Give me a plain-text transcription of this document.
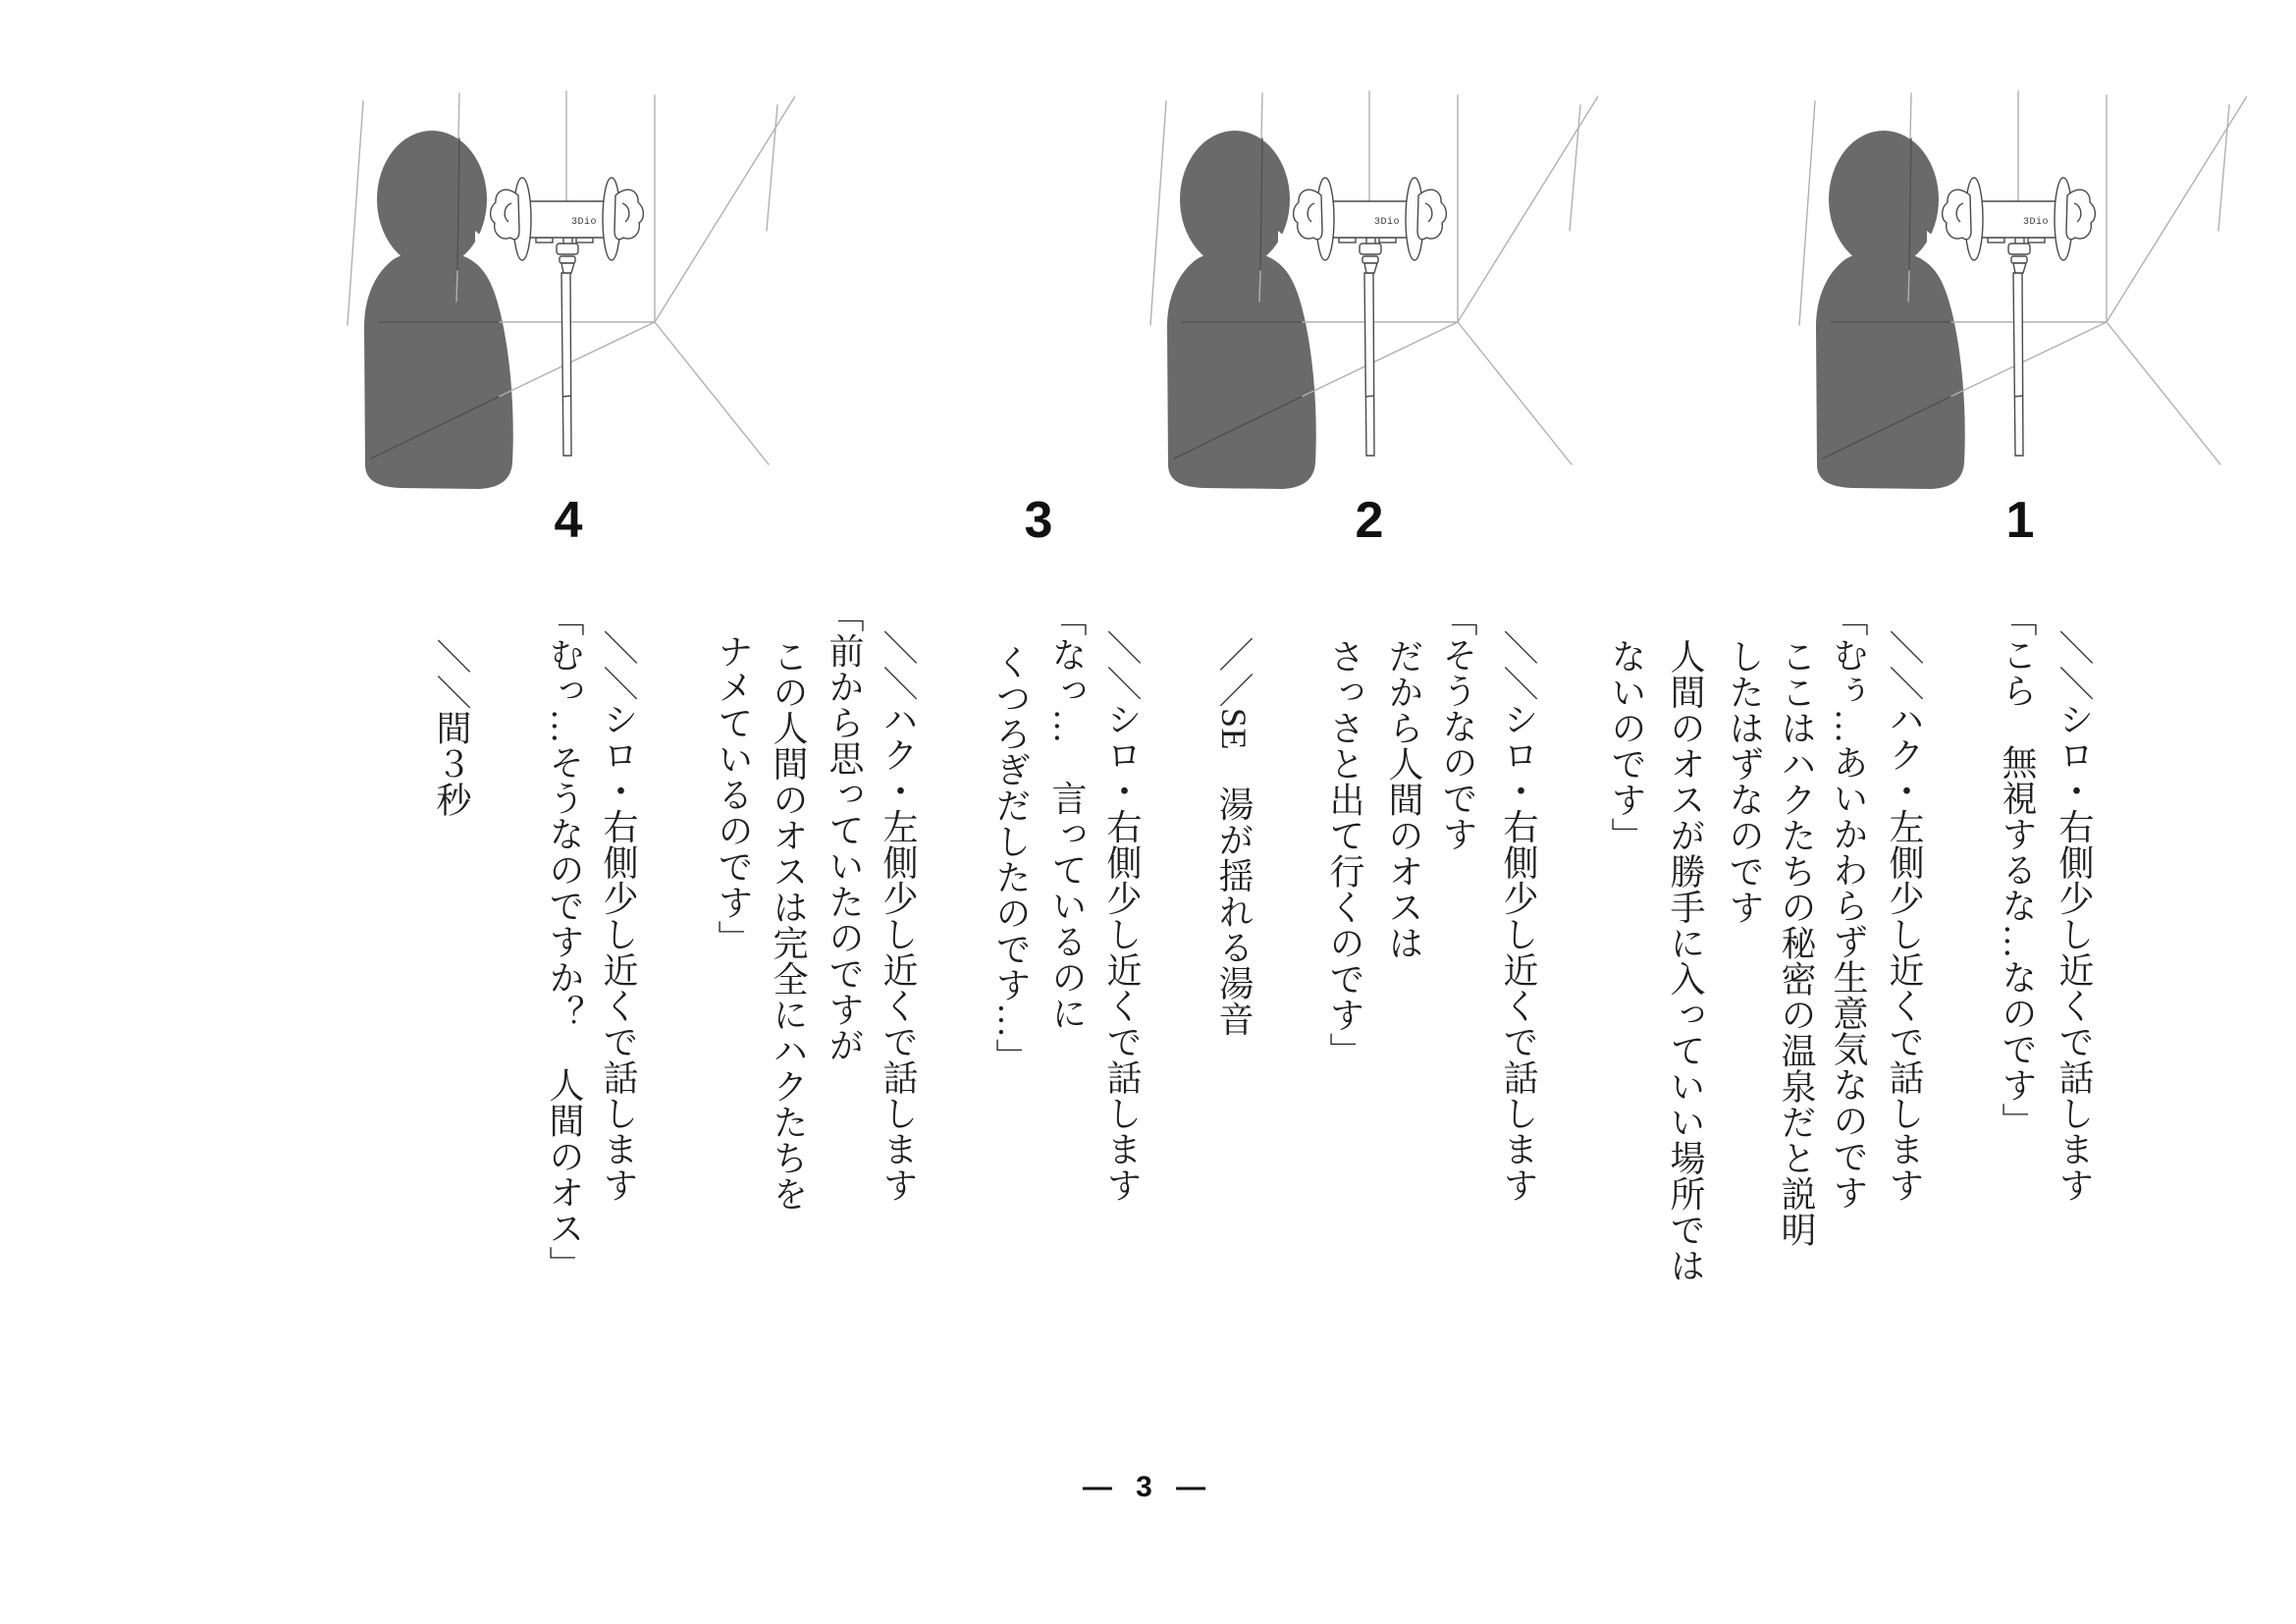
1
2
3
4
＼＼シロ・右側少し近くで話します
「こら　無視するな…なのです」
＼＼ハク・左側少し近くで話します
「むぅ…あいかわらず生意気なのです
ここはハクたちの秘密の温泉だと説明
したはずなのです
人間のオスが勝手に入っていい場所では
ないのです」
＼＼シロ・右側少し近くで話します
「そうなのです
だから人間のオスは
さっさと出て行くのです」
／／SE　湯が揺れる湯音
＼＼シロ・右側少し近くで話します
「なっ…　言っているのに
くつろぎだしたのです…」
＼＼ハク・左側少し近くで話します
「前から思っていたのですが
この人間のオスは完全にハクたちを
ナメているのです」
＼＼シロ・右側少し近くで話します
「むっ…そうなのですか？　人間のオス」
＼＼間３秒
— 3 —
